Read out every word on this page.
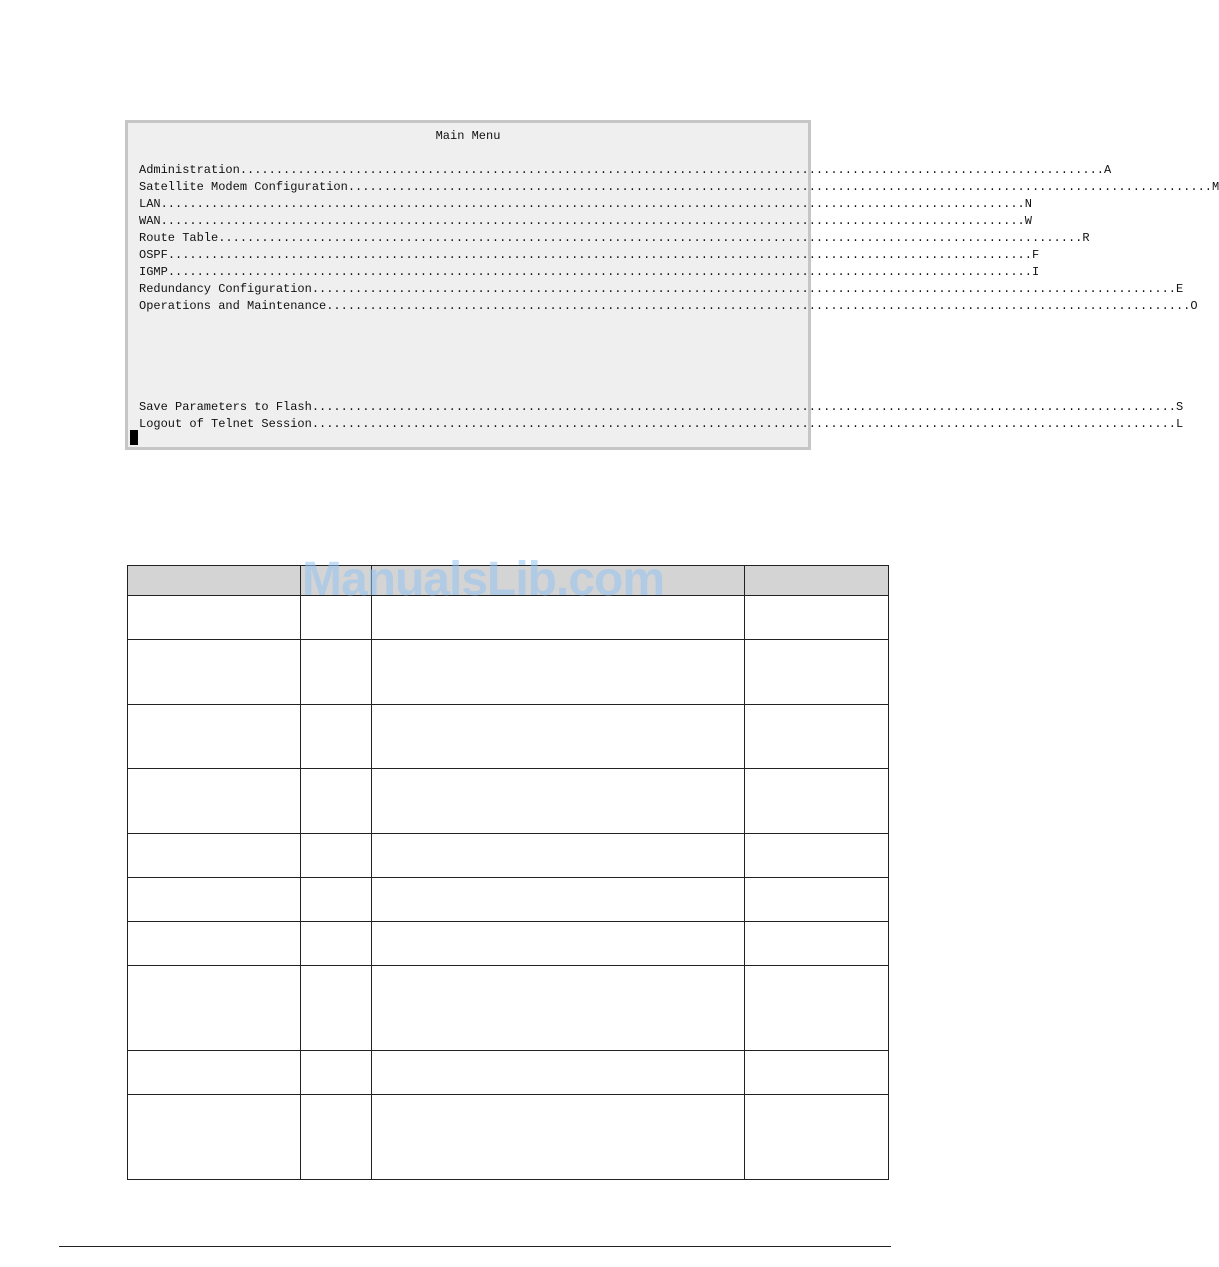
Main Menu
Administration ........................................................................................................................ A
Satellite Modem Configuration ........................................................................................................................ M
LAN ........................................................................................................................ N
WAN ........................................................................................................................ W
Route Table ........................................................................................................................ R
OSPF ........................................................................................................................ F
IGMP ........................................................................................................................ I
Redundancy Configuration ........................................................................................................................ E
Operations and Maintenance ........................................................................................................................ O
Save Parameters to Flash ........................................................................................................................ S
Logout of Telnet Session ........................................................................................................................ L
ManualsLib.com
